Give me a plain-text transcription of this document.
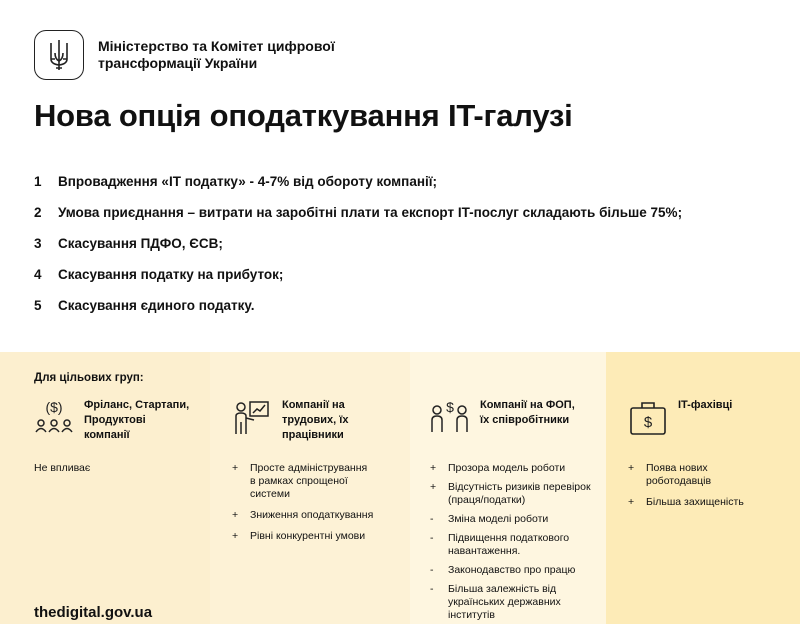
Міністерство та Комітет цифрової
трансформації України
Нова опція оподаткування IT-галузі
1	Впровадження «IT податку» - 4-7% від обороту компанії;
2	Умова приєднання – витрати на заробітні плати та експорт IT-послуг складають більше 75%;
3	Скасування ПДФО, ЄСВ;
4	Скасування податку на прибуток;
5	Скасування єдиного податку.
Для цільових груп:
($) Фріланс, Стартапи,
Продуктові
компанії
Не впливає
Компанії на
трудових, їх
працівники
+	Просте адміністрування
в рамках спрощеної
системи
+	Зниження оподаткування
+	Рівні конкурентні умови
$ Компанії на ФОП,
їх співробітники
+	Прозора модель роботи
+	Відсутність ризиків перевірок
(праця/податки)
-	Зміна моделі роботи
-	Підвищення податкового
навантаження.
-	Законодавство про працю
-	Більша залежність від
українських державних
інститутів
$
IT-фахівці
+	Поява нових
роботодавців
+	Більша захищеність
thedigital.gov.ua
